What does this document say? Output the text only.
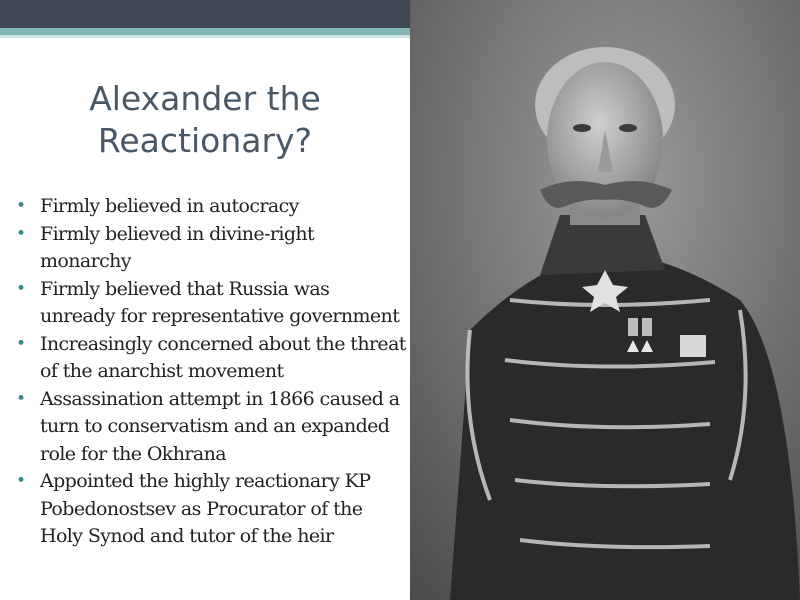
Alexander the
Reactionary?
• Firmly believed in autocracy
• Firmly believed in divine-right monarchy
• Firmly believed that Russia was unready for representative government
• Increasingly concerned about the threat of the anarchist movement
• Assassination attempt in 1866 caused a turn to conservatism and an expanded role for the Okhrana
• Appointed the highly reactionary KP Pobedonostsev as Procurator of the Holy Synod and tutor of the heir
